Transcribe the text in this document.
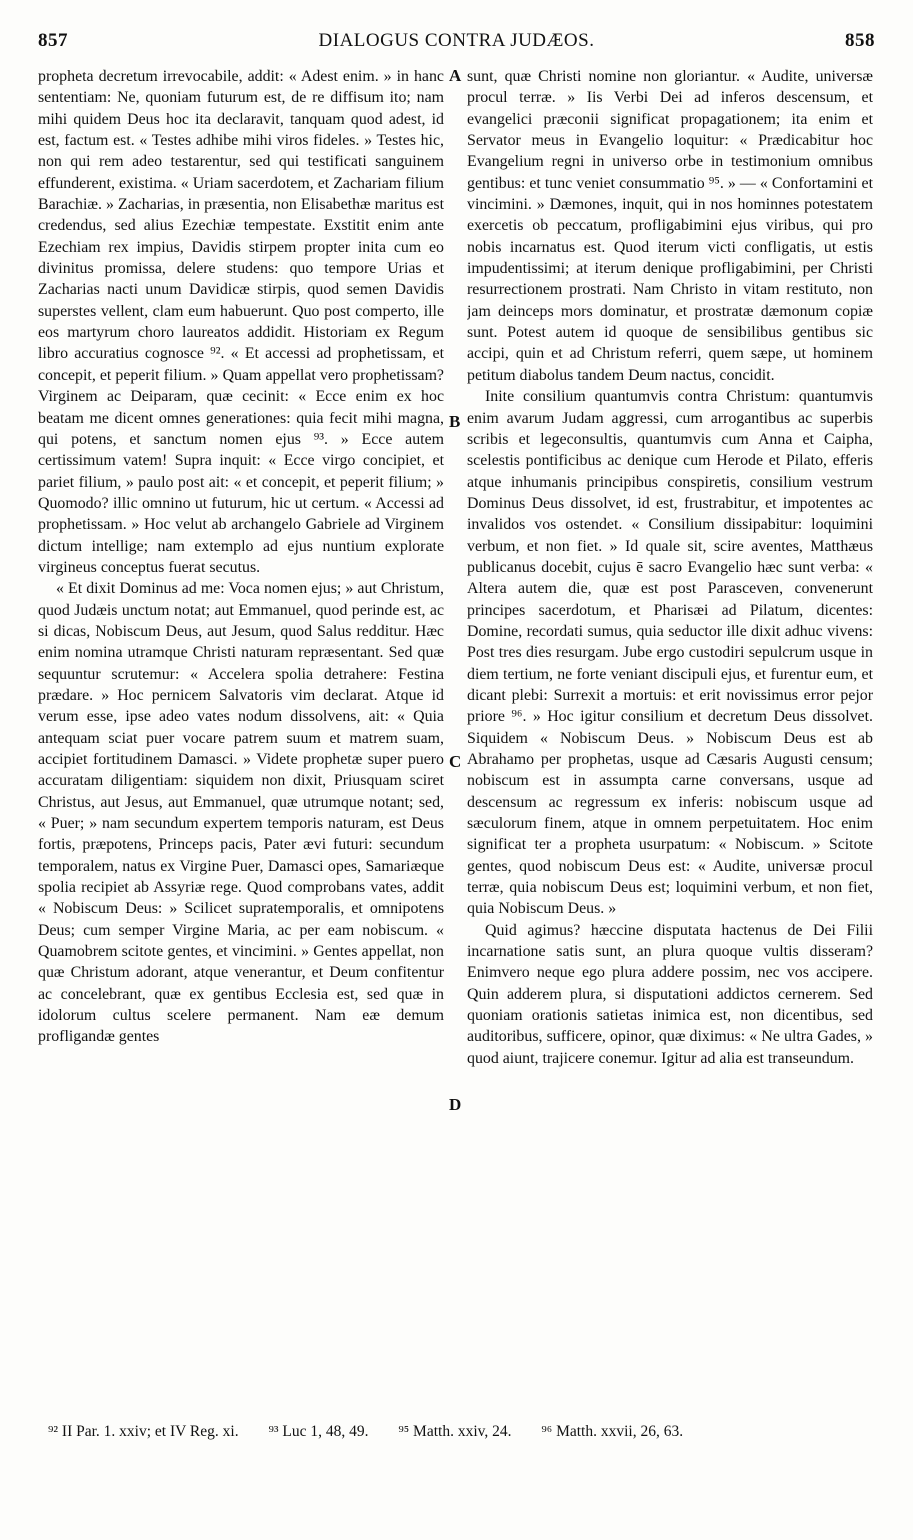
857	DIALOGUS CONTRA JUDÆOS.	858

prophetа decretum irrevocabile, addit: « Adest enim. » in hanc sententiam: Ne, quoniam futurum est, de re diffisum ito; nam mihi quidem Deus hoc ita declaravit, tanquam quod adest, id est, factum est. « Testes adhibe mihi viros fideles. » Testes hic, non qui rem adeo testarentur, sed qui testificati sanguinem effunderent, existima. « Uriam sacerdotem, et Zachariam filium Barachiæ. » Zacharias, in præsentia, non Elisabethæ maritus est credendus, sed alius Ezechiæ tempestate. Exstitit enim ante Ezechiam rex impius, Davidis stirpem propter inita cum eo divinitus promissa, delere studens: quo tempore Urias et Zacharias nacti unum Davidicæ stirpis, quod semen Davidis superstes vellent, clam eum habuerunt. Quo post comperto, ille eos martyrum choro laureatos addidit. Historiam ex Regum libro accuratius cognosce ⁹². « Et accessi ad prophetissam, et concepit, et peperit filium. » Quam appellat vero prophetissam? Virginem ac Deiparam, quæ cecinit: « Ecce enim ex hoc beatam me dicent omnes generationes: quia fecit mihi magna, qui potens, et sanctum nomen ejus ⁹³. » Ecce autem certissimum vatem! Supra inquit: « Ecce virgo concipiet, et pariet filium, » paulo post ait: « et concepit, et peperit filium; » Quomodo? illic omnino ut futurum, hic ut certum. « Accessi ad prophetissam. » Hoc velut ab archangelo Gabriele ad Virginem dictum intellige; nam extemplo ad ejus nuntium explorate virgineus conceptus fuerat secutus.

« Et dixit Dominus ad me: Voca nomen ejus; » aut Christum, quod Judæis unctum notat; aut Emmanuel, quod perinde est, ac si dicas, Nobiscum Deus, aut Jesum, quod Salus redditur. Hæc enim nomina utramque Christi naturam repræsentant. Sed quæ sequuntur scrutemur: « Accelera spolia detrahere: Festina prædare. » Hoc pernicem Salvatoris vim declarat. Atque id verum esse, ipse adeo vates nodum dissolvens, ait: « Quia antequam sciat puer vocare patrem suum et matrem suam, accipiet fortitudinem Damasci. » Videte prophetæ super puero accuratam diligentiam: siquidem non dixit, Priusquam sciret Christus, aut Jesus, aut Emmanuel, quæ utrumque notant; sed, « Puer; » nam secundum expertem temporis naturam, est Deus fortis, præpotens, Princeps pacis, Pater ævi futuri: secundum temporalem, natus ex Virgine Puer, Damasci opes, Samariæque spolia recipiet ab Assyriæ rege. Quod comprobans vates, addit « Nobiscum Deus: » Scilicet supratemporalis, et omnipotens Deus; cum semper Virgine Maria, ac per eam nobiscum. « Quamobrem scitote gentes, et vincimini. » Gentes appellat, non quæ Christum adorant, atque venerantur, et Deum confitentur ac concelebrant, quæ ex gentibus Ecclesia est, sed quæ in idolorum cultus scelere permanent. Nam eæ demum profligandæ gentes

A
B
C
D

sunt, quæ Christi nomine non gloriantur. « Audite, universæ procul terræ. » Iis Verbi Dei ad inferos descensum, et evangelici præconii significat propagationem; ita enim et Servator meus in Evangelio loquitur: « Prædicabitur hoc Evangelium regni in universo orbe in testimonium omnibus gentibus: et tunc veniet consummatio ⁹⁵. » — « Confortamini et vincimini. » Dæmones, inquit, qui in nos hominnes potestatem exercetis ob peccatum, profligabimini ejus viribus, qui pro nobis incarnatus est. Quod iterum victi confligatis, ut estis impudentissimi; at iterum denique profligabimini, per Christi resurrectionem prostrati. Nam Christo in vitam restituto, non jam deinceps mors dominatur, et prostratæ dæmonum copiæ sunt. Potest autem id quoque de sensibilibus gentibus sic accipi, quin et ad Christum referri, quem sæpe, ut hominem petitum diabolus tandem Deum nactus, concidit.

Inite consilium quantumvis contra Christum: quantumvis enim avarum Judam aggressi, cum arrogantibus ac superbis scribis et legeconsultis, quantumvis cum Anna et Caipha, scelestis pontificibus ac denique cum Herode et Pilato, efferis atque inhumanis principibus conspiretis, consilium vestrum Dominus Deus dissolvet, id est, frustrabitur, et impotentes ac invalidos vos ostendet. « Consilium dissipabitur: loquimini verbum, et non fiet. » Id quale sit, scire aventes, Matthæus publicanus docebit, cujus ē sacro Evangelio hæc sunt verba: « Altera autem die, quæ est post Parasceven, convenerunt principes sacerdotum, et Pharisæi ad Pilatum, dicentes: Domine, recordati sumus, quia seductor ille dixit adhuc vivens: Post tres dies resurgam. Jube ergo custodiri sepulcrum usque in diem tertium, ne forte veniant discipuli ejus, et furentur eum, et dicant plebi: Surrexit a mortuis: et erit novissimus error pejor priore ⁹⁶. » Hoc igitur consilium et decretum Deus dissolvet. Siquidem « Nobiscum Deus. » Nobiscum Deus est ab Abrahamo per prophetas, usque ad Cæsaris Augusti censum; nobiscum est in assumpta carne conversans, usque ad descensum ac regressum ex inferis: nobiscum usque ad sæculorum finem, atque in omnem perpetuitatem. Hoc enim significat ter a propheta usurpatum: « Nobiscum. » Scitote gentes, quod nobiscum Deus est: « Audite, universæ procul terræ, quia nobiscum Deus est; loquimini verbum, et non fiet, quia Nobiscum Deus. »

Quid agimus? hæccine disputata hactenus de Dei Filii incarnatione satis sunt, an plura quoque vultis disseram? Enimvero neque ego plura addere possim, nec vos accipere. Quin adderem plura, si disputationi addictos cernerem. Sed quoniam orationis satietas inimica est, non dicentibus, sed auditoribus, sufficere, opinor, quæ diximus: « Ne ultra Gades, » quod aiunt, trajicere conemur. Igitur ad alia est transeundum.

⁹² II Par. 1. xxiv; et IV Reg. xi. ⁹³ Luc 1, 48, 49. ⁹⁵ Matth. xxiv, 24. ⁹⁶ Matth. xxvii, 26, 63.
